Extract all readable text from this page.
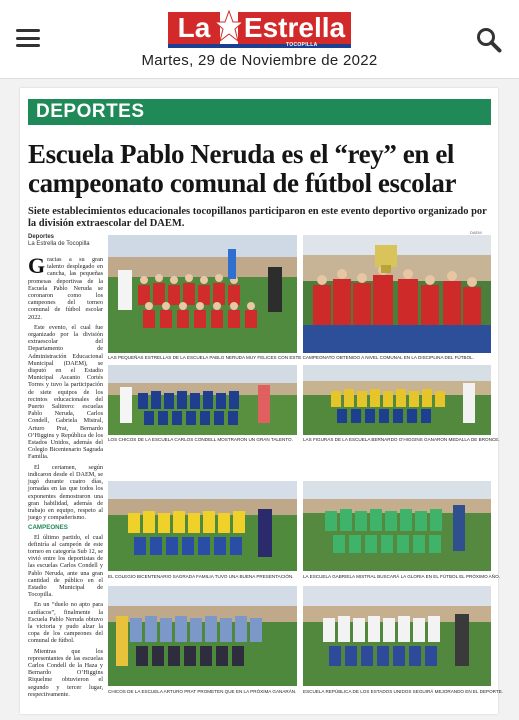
La	Estrella
TOCOPILLA
Martes, 29 de Noviembre de 2022
DEPORTES
Escuela Pablo Neruda es el “rey” en el campeonato comunal de fútbol escolar
Siete establecimientos educacionales tocopillanos participaron en este evento deportivo organizado por la división extraescolar del DAEM.
Deportes
La Estrella de Tocopilla
DAEM

Gracias a su gran talento desplegado en cancha, las pequeñas promesas deportivas de la Escuela Pablo Neruda se coronaron como los campeones del torneo comunal de fútbol escolar 2022.

Este evento, el cual fue organizado por la división extraescolar del Departamento de Administración Educacional Municipal (DAEM), se disputó en el Estadio Municipal Ascanio Cortés Torres y tuvo la participación de siete equipos de los recintos educacionales del Puerto Salitrero: escuelas Pablo Neruda, Carlos Condell, Gabriela Mistral, Arturo Prat, Bernardo O’Higgins y República de los Estados Unidos, además del Colegio Bicentenario Sagrada Familia.

El certamen, según indicaron desde el DAEM, se jugó durante cuatro días, jornadas en las que todos los exponentes demostraron una gran habilidad, además de trabajo en equipo, respeto al juego y compañerismo.

CAMPEONES

El último partido, el cual definiría al campeón de este torneo en categoría Sub 12, se vivió entre los deportistas de las escuelas Carlos Condell y Pablo Neruda, ante una gran cantidad de público en el Estadio Municipal de Tocopilla.

En un “duelo no apto para cardíacos”, finalmente la Escuela Pablo Neruda obtuvo la victoria y pudo alzar la copa de los campeones del comunal de fútbol.

Mientras que los representantes de las escuelas Carlos Condell de la Haza y Bernardo O’Higgins Riquelme obtuvieron el segundo y tercer lugar, respectivamente.

LAS PEQUEÑAS ESTRELLAS DE LA ESCUELA PABLO NERUDA MUY FELICES CON ESTE CAMPEONATO OBTENIDO A NIVEL COMUNAL EN LA DISCIPLINA DEL FÚTBOL.
LOS CHICOS DE LA ESCUELA CARLOS CONDELL MOSTRARON UN GRAN TALENTO.	LAS FIGURAS DE LA ESCUELA BERNARDO O’HIGGINS GANARON MEDALLA DE BRONCE.
EL COLEGIO BICENTENARIO SAGRADA FAMILIA TUVO UNA BUENA PRESENTACIÓN.	LA ESCUELA GABRIELA MISTRAL BUSCARÁ LA GLORIA EN EL FÚTBOL EL PRÓXIMO AÑO.
CHICOS DE LA ESCUELA ARTURO PRAT PROMETEN QUE EN LA PRÓXIMA GANARÁN.	ESCUELA REPÚBLICA DE LOS ESTADOS UNIDOS SEGUIRÁ MEJORANDO EN EL DEPORTE.
